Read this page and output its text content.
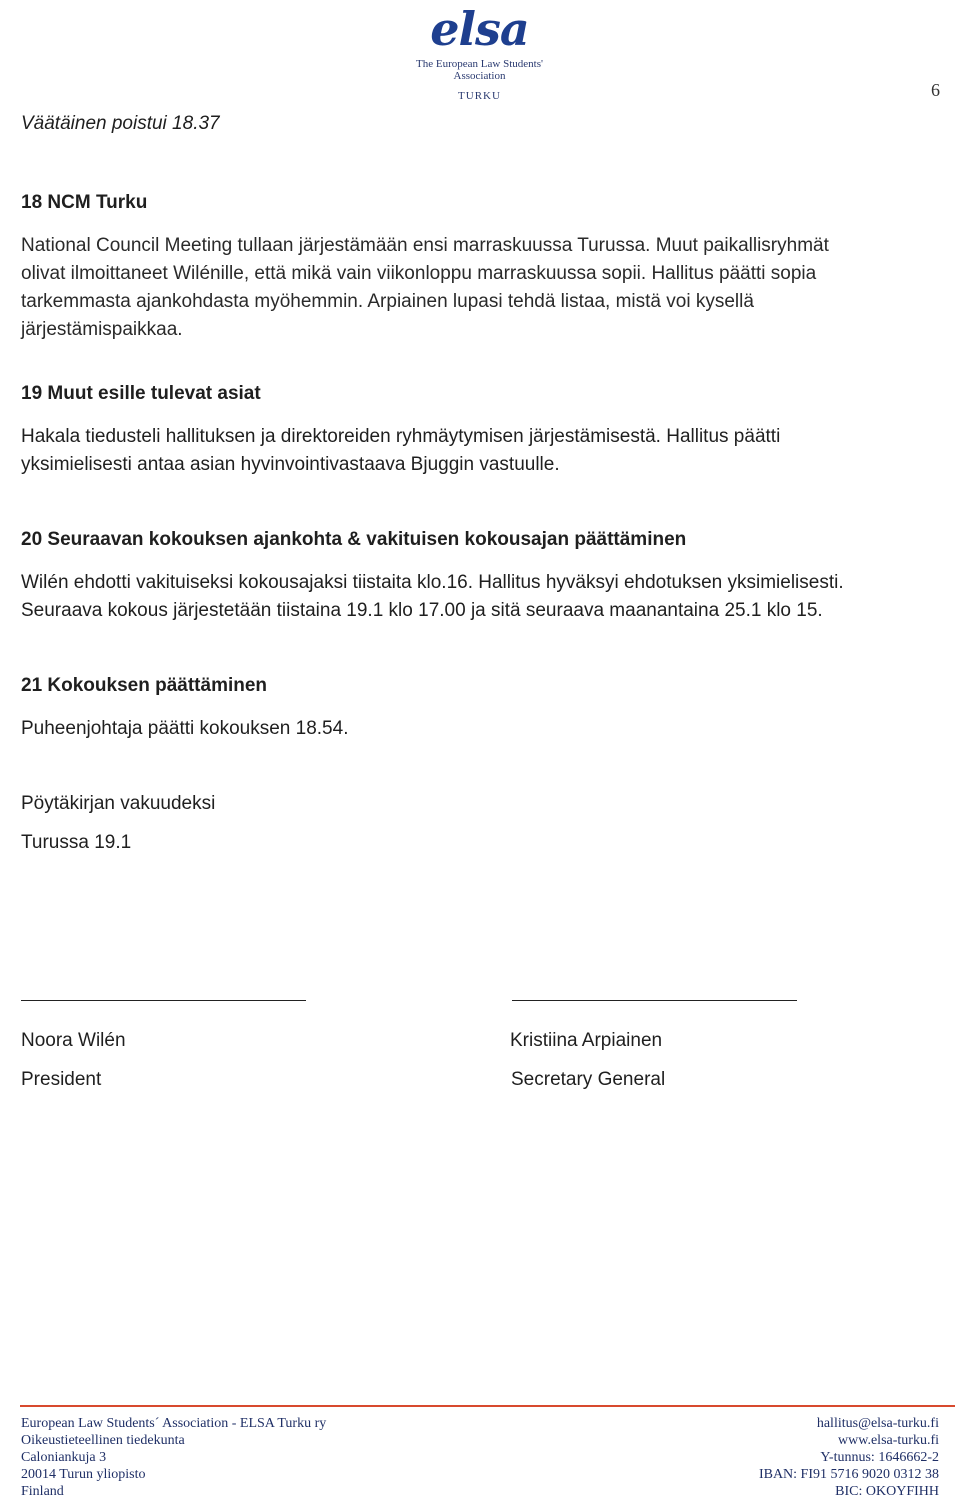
elsa
The European Law Students' Association
TURKU	6
Väätäinen poistui 18.37
18 NCM Turku
National Council Meeting tullaan järjestämään ensi marraskuussa Turussa. Muut paikallisryhmät
olivat ilmoittaneet Wilénille, että mikä vain viikonloppu marraskuussa sopii. Hallitus päätti sopia
tarkemmasta ajankohdasta myöhemmin. Arpiainen lupasi tehdä listaa, mistä voi kysellä
järjestämispaikkaa.
19 Muut esille tulevat asiat
Hakala tiedusteli hallituksen ja direktoreiden ryhmäytymisen järjestämisestä. Hallitus päätti
yksimielisesti antaa asian hyvinvointivastaava Bjuggin vastuulle.
20 Seuraavan kokouksen ajankohta & vakituisen kokousajan päättäminen
Wilén ehdotti vakituiseksi kokousajaksi tiistaita klo.16. Hallitus hyväksyi ehdotuksen yksimielisesti.
Seuraava kokous järjestetään tiistaina 19.1 klo 17.00 ja sitä seuraava maanantaina 25.1 klo 15.
21 Kokouksen päättäminen
Puheenjohtaja päätti kokouksen 18.54.
Pöytäkirjan vakuudeksi
Turussa 19.1
Noora Wilén
President
Kristiina Arpiainen
Secretary General
European Law Students´ Association - ELSA Turku ry
Oikeustieteellinen tiedekunta
Caloniankuja 3
20014 Turun yliopisto
Finland
hallitus@elsa-turku.fi
www.elsa-turku.fi
Y-tunnus: 1646662-2
IBAN: FI91 5716 9020 0312 38
BIC: OKOYFIHH
